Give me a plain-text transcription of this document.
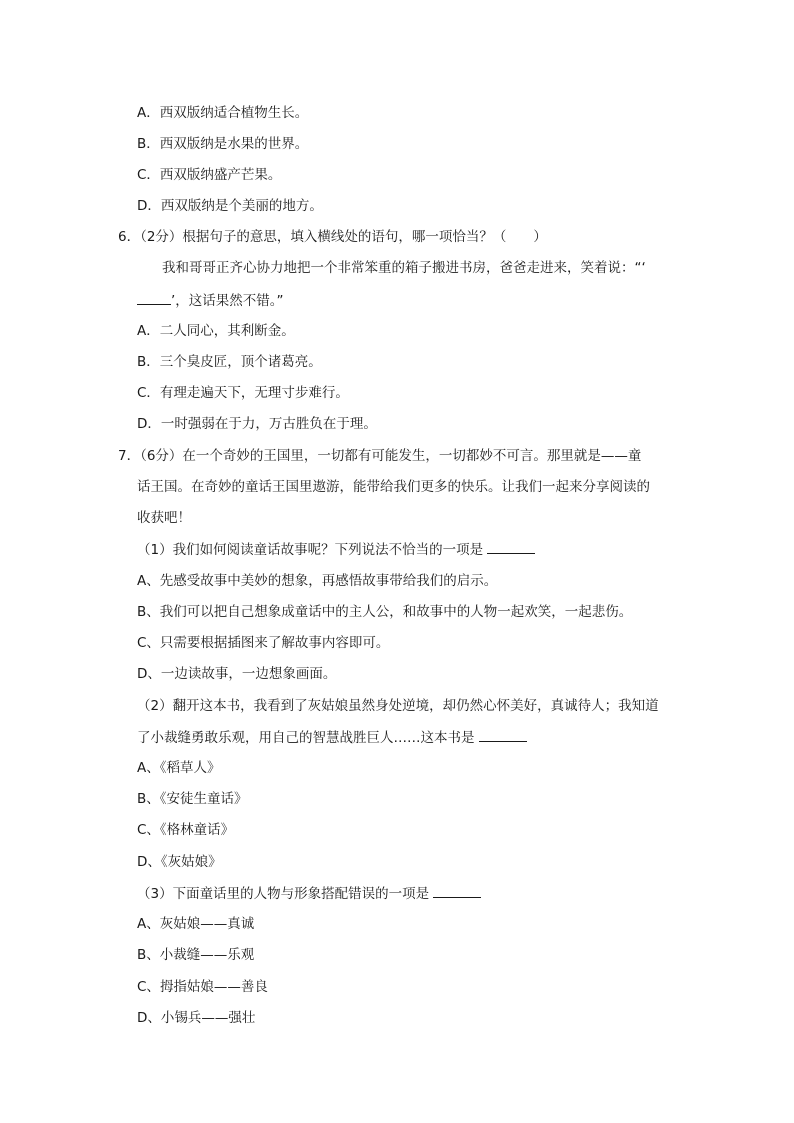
A．西双版纳适合植物生长。
B．西双版纳是水果的世界。
C．西双版纳盛产芒果。
D．西双版纳是个美丽的地方。
6．（2分）根据句子的意思，填入横线处的语句，哪一项恰当？（　　）
我和哥哥正齐心协力地把一个非常笨重的箱子搬进书房，爸爸走进来，笑着说：“‘
’，这话果然不错。”
A．二人同心，其利断金。
B．三个臭皮匠，顶个诸葛亮。
C．有理走遍天下，无理寸步难行。
D．一时强弱在于力，万古胜负在于理。
7．（6分）在一个奇妙的王国里，一切都有可能发生，一切都妙不可言。那里就是——童
话王国。在奇妙的童话王国里遨游，能带给我们更多的快乐。让我们一起来分享阅读的
收获吧！
（1）我们如何阅读童话故事呢？下列说法不恰当的一项是
A、先感受故事中美妙的想象，再感悟故事带给我们的启示。
B、我们可以把自己想象成童话中的主人公，和故事中的人物一起欢笑，一起悲伤。
C、只需要根据插图来了解故事内容即可。
D、一边读故事，一边想象画面。
（2）翻开这本书，我看到了灰姑娘虽然身处逆境，却仍然心怀美好，真诚待人；我知道
了小裁缝勇敢乐观，用自己的智慧战胜巨人……这本书是
A、《稻草人》
B、《安徒生童话》
C、《格林童话》
D、《灰姑娘》
（3）下面童话里的人物与形象搭配错误的一项是
A、灰姑娘——真诚
B、小裁缝——乐观
C、拇指姑娘——善良
D、小锡兵——强壮
